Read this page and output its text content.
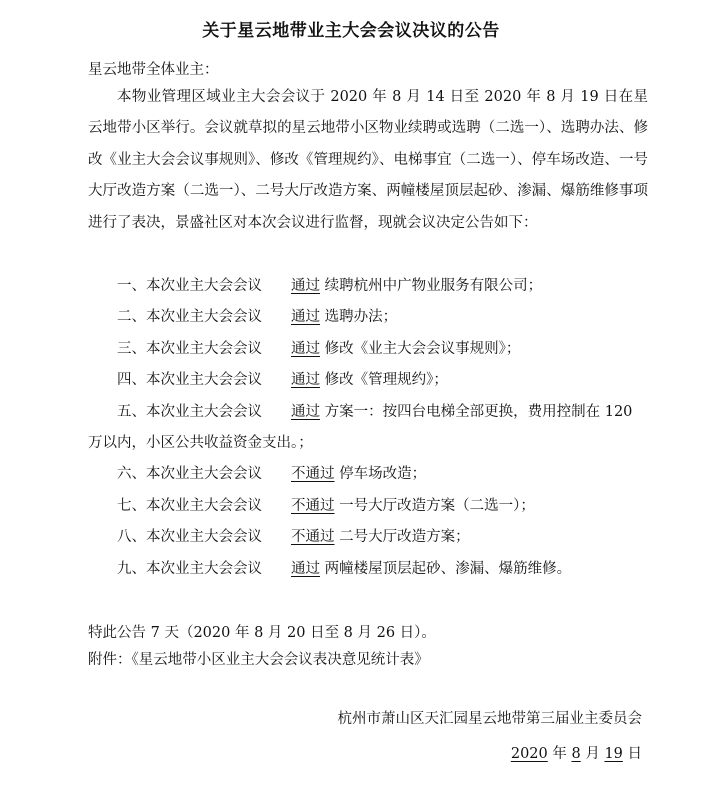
关于星云地带业主大会会议决议的公告
星云地带全体业主：
本物业管理区域业主大会会议于 2020 年 8 月 14 日至 2020 年 8 月 19 日在星云地带小区举行。会议就草拟的星云地带小区物业续聘或选聘（二选一）、选聘办法、修改《业主大会会议事规则》、修改《管理规约》、电梯事宜（二选一）、停车场改造、一号大厅改造方案（二选一）、二号大厅改造方案、两幢楼屋顶层起砂、渗漏、爆筋维修事项进行了表决，景盛社区对本次会议进行监督，现就会议决定公告如下：
一、本次业主大会会议 通过 续聘杭州中广物业服务有限公司；
二、本次业主大会会议 通过 选聘办法；
三、本次业主大会会议 通过 修改《业主大会会议事规则》；
四、本次业主大会会议 通过 修改《管理规约》；
五、本次业主大会会议 通过 方案一：按四台电梯全部更换，费用控制在 120 万以内，小区公共收益资金支出。；
六、本次业主大会会议 不通过 停车场改造；
七、本次业主大会会议 不通过 一号大厅改造方案（二选一）；
八、本次业主大会会议 不通过 二号大厅改造方案；
九、本次业主大会会议 通过 两幢楼屋顶层起砂、渗漏、爆筋维修。
特此公告 7 天（2020 年 8 月 20 日至 8 月 26 日）。
附件：《星云地带小区业主大会会议表决意见统计表》
杭州市萧山区天汇园星云地带第三届业主委员会
2020 年 8 月 19 日
